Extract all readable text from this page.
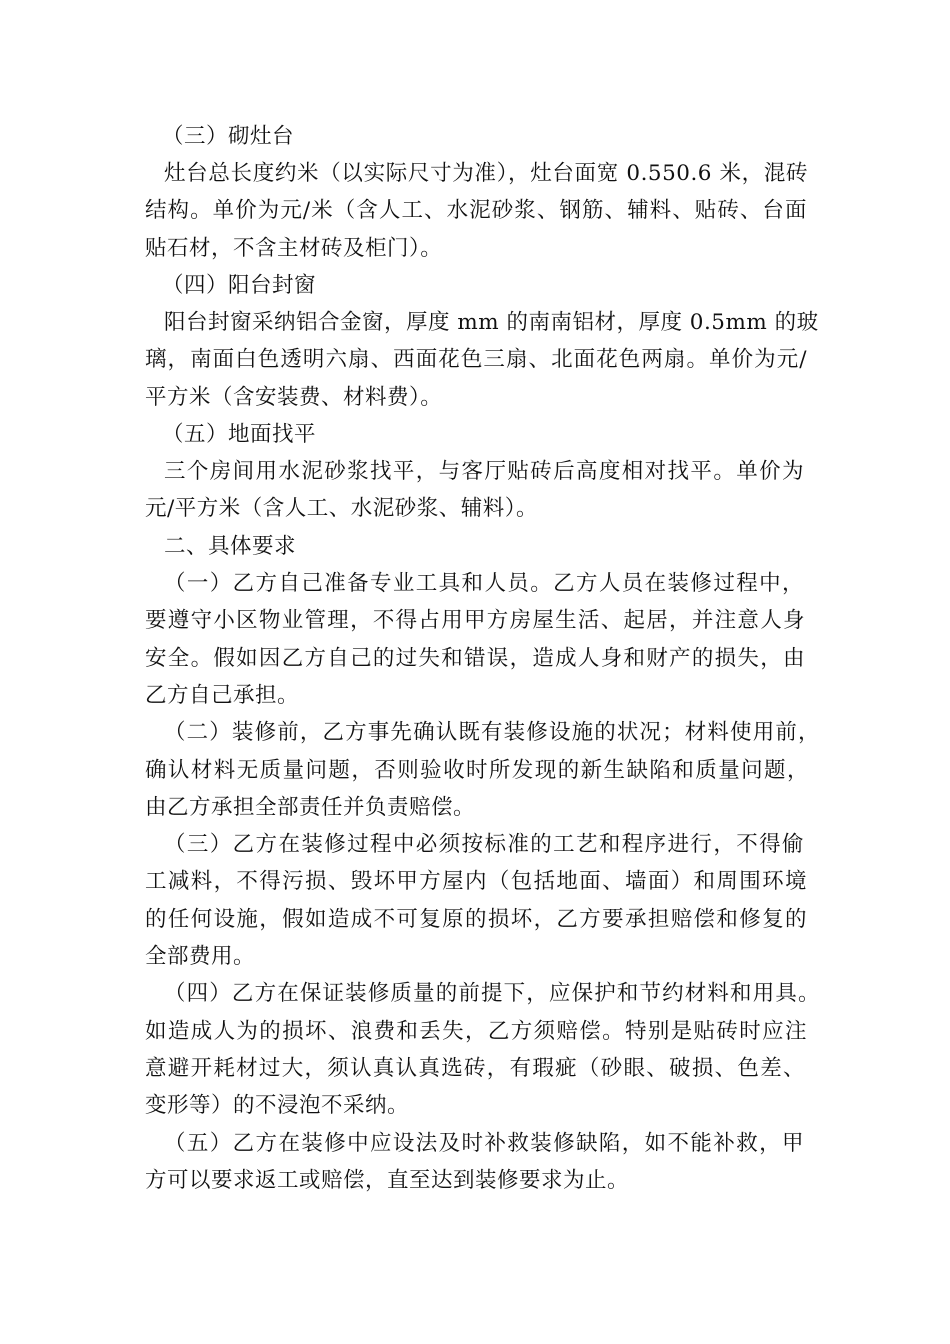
（三）砌灶台
灶台总长度约米（以实际尺寸为准），灶台面宽 0.550.6 米，混砖
结构。单价为元/米（含人工、水泥砂浆、钢筋、辅料、贴砖、台面
贴石材，不含主材砖及柜门）。
（四）阳台封窗
阳台封窗采纳铝合金窗，厚度 mm 的南南铝材，厚度 0.5mm 的玻
璃，南面白色透明六扇、西面花色三扇、北面花色两扇。单价为元/
平方米（含安装费、材料费）。
（五）地面找平
三个房间用水泥砂浆找平，与客厅贴砖后高度相对找平。单价为
元/平方米（含人工、水泥砂浆、辅料）。
二、具体要求
（一）乙方自己准备专业工具和人员。乙方人员在装修过程中，
要遵守小区物业管理，不得占用甲方房屋生活、起居，并注意人身
安全。假如因乙方自己的过失和错误，造成人身和财产的损失，由
乙方自己承担。
（二）装修前，乙方事先确认既有装修设施的状况；材料使用前，
确认材料无质量问题，否则验收时所发现的新生缺陷和质量问题，
由乙方承担全部责任并负责赔偿。
（三）乙方在装修过程中必须按标准的工艺和程序进行，不得偷
工减料，不得污损、毁坏甲方屋内（包括地面、墙面）和周围环境
的任何设施，假如造成不可复原的损坏，乙方要承担赔偿和修复的
全部费用。
（四）乙方在保证装修质量的前提下，应保护和节约材料和用具。
如造成人为的损坏、浪费和丢失，乙方须赔偿。特别是贴砖时应注
意避开耗材过大，须认真认真选砖，有瑕疵（砂眼、破损、色差、
变形等）的不浸泡不采纳。
（五）乙方在装修中应设法及时补救装修缺陷，如不能补救，甲
方可以要求返工或赔偿，直至达到装修要求为止。
